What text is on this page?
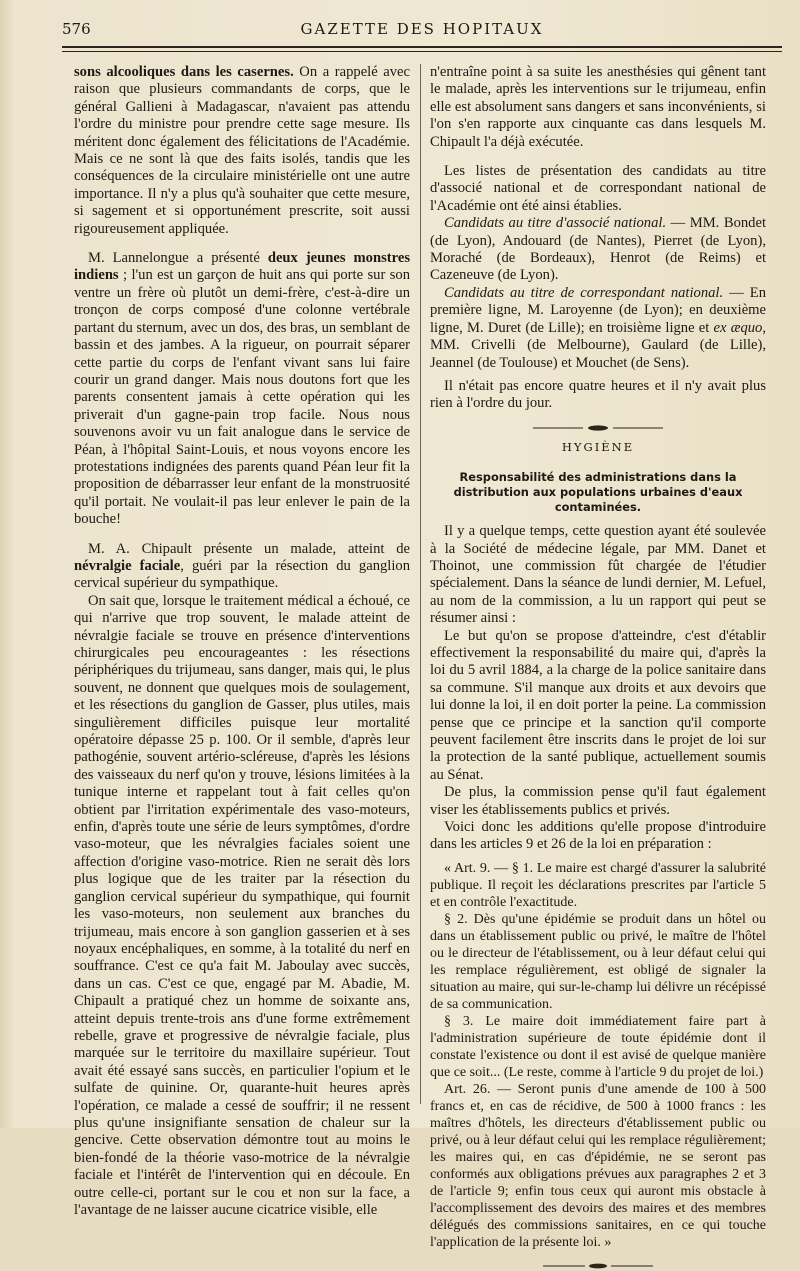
576	GAZETTE DES HOPITAUX

sons alcooliques dans les casernes. On a rappelé avec raison que plusieurs commandants de corps, que le général Gallieni à Madagascar, n'avaient pas attendu l'ordre du ministre pour prendre cette sage mesure. Ils méritent donc également des félicitations de l'Académie. Mais ce ne sont là que des faits isolés, tandis que les conséquences de la circulaire ministérielle ont une autre importance. Il n'y a plus qu'à souhaiter que cette mesure, si sagement et si opportunément prescrite, soit aussi rigoureusement appliquée.

M. Lannelongue a présenté deux jeunes monstres indiens ; l'un est un garçon de huit ans qui porte sur son ventre un frère où plutôt un demi-frère, c'est-à-dire un tronçon de corps composé d'une colonne vertébrale partant du sternum, avec un dos, des bras, un semblant de bassin et des jambes. A la rigueur, on pourrait séparer cette partie du corps de l'enfant vivant sans lui faire courir un grand danger. Mais nous doutons fort que les parents consentent jamais à cette opération qui les priverait d'un gagne-pain trop facile. Nous nous souvenons avoir vu un fait analogue dans le service de Péan, à l'hôpital Saint-Louis, et nous voyons encore les protestations indignées des parents quand Péan leur fit la proposition de débarrasser leur enfant de la monstruosité qu'il portait. Ne voulait-il pas leur enlever le pain de la bouche!

M. A. Chipault présente un malade, atteint de névralgie faciale, guéri par la résection du ganglion cervical supérieur du sympathique.

On sait que, lorsque le traitement médical a échoué, ce qui n'arrive que trop souvent, le malade atteint de névralgie faciale se trouve en présence d'interventions chirurgicales peu encourageantes : les résections périphériques du trijumeau, sans danger, mais qui, le plus souvent, ne donnent que quelques mois de soulagement, et les résections du ganglion de Gasser, plus utiles, mais singulièrement difficiles puisque leur mortalité opératoire dépasse 25 p. 100. Or il semble, d'après leur pathogénie, souvent artério-scléreuse, d'après les lésions des vaisseaux du nerf qu'on y trouve, lésions limitées à la tunique interne et rappelant tout à fait celles qu'on obtient par l'irritation expérimentale des vaso-moteurs, enfin, d'après toute une série de leurs symptômes, d'ordre vaso-moteur, que les névralgies faciales soient une affection d'origine vaso-motrice. Rien ne serait dès lors plus logique que de les traiter par la résection du ganglion cervical supérieur du sympathique, qui fournit les vaso-moteurs, non seulement aux branches du trijumeau, mais encore à son ganglion gasserien et à ses noyaux encéphaliques, en somme, à la totalité du nerf en souffrance. C'est ce qu'a fait M. Jaboulay avec succès, dans un cas. C'est ce que, engagé par M. Abadie, M. Chipault a pratiqué chez un homme de soixante ans, atteint depuis trente-trois ans d'une forme extrêmement rebelle, grave et progressive de névralgie faciale, plus marquée sur le territoire du maxillaire supérieur. Tout avait été essayé sans succès, en particulier l'opium et le sulfate de quinine. Or, quarante-huit heures après l'opération, ce malade a cessé de souffrir; il ne ressent plus qu'une insignifiante sensation de chaleur sur la gencive. Cette observation démontre tout au moins le bien-fondé de la théorie vaso-motrice de la névralgie faciale et l'intérêt de l'intervention qui en découle. En outre celle-ci, portant sur le cou et non sur la face, a l'avantage de ne laisser aucune cicatrice visible, elle

n'entraîne point à sa suite les anesthésies qui gênent tant le malade, après les interventions sur le trijumeau, enfin elle est absolument sans dangers et sans inconvénients, si l'on s'en rapporte aux cinquante cas dans lesquels M. Chipault l'a déjà exécutée.

Les listes de présentation des candidats au titre d'associé national et de correspondant national de l'Académie ont été ainsi établies.

Candidats au titre d'associé national. — MM. Bondet (de Lyon), Andouard (de Nantes), Pierret (de Lyon), Moraché (de Bordeaux), Henrot (de Reims) et Cazeneuve (de Lyon).

Candidats au titre de correspondant national. — En première ligne, M. Laroyenne (de Lyon); en deuxième ligne, M. Duret (de Lille); en troisième ligne et ex æquo, MM. Crivelli (de Melbourne), Gaulard (de Lille), Jeannel (de Toulouse) et Mouchet (de Sens).

Il n'était pas encore quatre heures et il n'y avait plus rien à l'ordre du jour.

HYGIÈNE
Responsabilité des administrations dans la distribution aux populations urbaines d'eaux contaminées.

Il y a quelque temps, cette question ayant été soulevée à la Société de médecine légale, par MM. Danet et Thoinot, une commission fût chargée de l'étudier spécialement. Dans la séance de lundi dernier, M. Lefuel, au nom de la commission, a lu un rapport qui peut se résumer ainsi :

Le but qu'on se propose d'atteindre, c'est d'établir effectivement la responsabilité du maire qui, d'après la loi du 5 avril 1884, a la charge de la police sanitaire dans sa commune. S'il manque aux droits et aux devoirs que lui donne la loi, il en doit porter la peine. La commission pense que ce principe et la sanction qu'il comporte peuvent facilement être inscrits dans le projet de loi sur la protection de la santé publique, actuellement soumis au Sénat.

De plus, la commission pense qu'il faut également viser les établissements publics et privés.

Voici donc les additions qu'elle propose d'introduire dans les articles 9 et 26 de la loi en préparation :

« Art. 9. — § 1. Le maire est chargé d'assurer la salubrité publique. Il reçoit les déclarations prescrites par l'article 5 et en contrôle l'exactitude.

§ 2. Dès qu'une épidémie se produit dans un hôtel ou dans un établissement public ou privé, le maître de l'hôtel ou le directeur de l'établissement, ou à leur défaut celui qui les remplace régulièrement, est obligé de signaler la situation au maire, qui sur-le-champ lui délivre un récépissé de sa communication.

§ 3. Le maire doit immédiatement faire part à l'administration supérieure de toute épidémie dont il constate l'existence ou dont il est avisé de quelque manière que ce soit... (Le reste, comme à l'article 9 du projet de loi.)

Art. 26. — Seront punis d'une amende de 100 à 500 francs et, en cas de récidive, de 500 à 1000 francs : les maîtres d'hôtels, les directeurs d'établissement public ou privé, ou à leur défaut celui qui les remplace régulièrement; les maires qui, en cas d'épidémie, ne se seront pas conformés aux obligations prévues aux paragraphes 2 et 3 de l'article 9; enfin tous ceux qui auront mis obstacle à l'accomplissement des devoirs des maires et des membres délégués des commissions sanitaires, en ce qui touche l'application de la présente loi. »
